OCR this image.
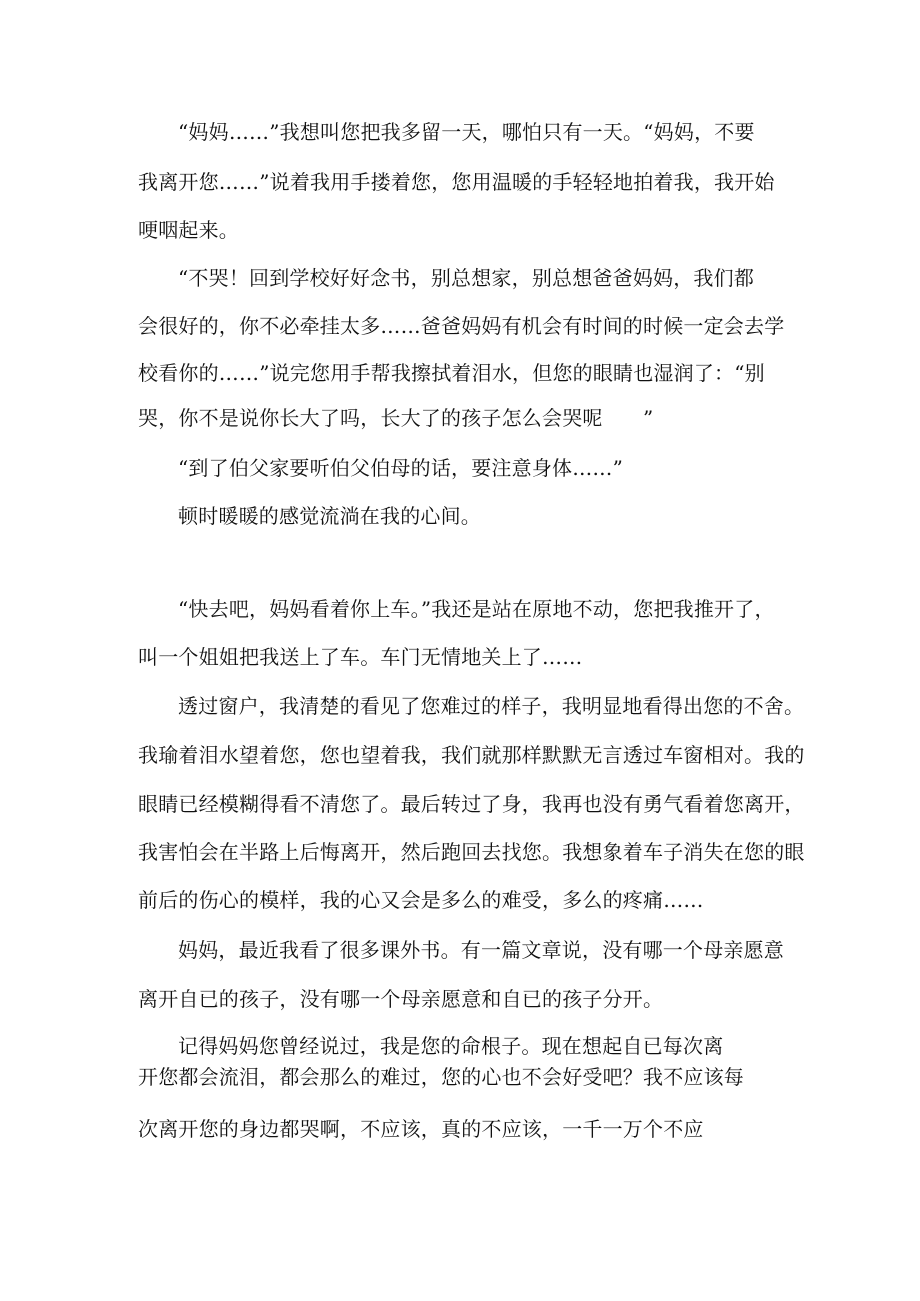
“妈妈……”我想叫您把我多留一天，哪怕只有一天。“妈妈，不要
我离开您……”说着我用手搂着您，您用温暖的手轻轻地拍着我，我开始
哽咽起来。
“不哭！回到学校好好念书，别总想家，别总想爸爸妈妈，我们都
会很好的，你不必牵挂太多……爸爸妈妈有机会有时间的时候一定会去学
校看你的……”说完您用手帮我擦拭着泪水，但您的眼睛也湿润了：“别
哭，你不是说你长大了吗，长大了的孩子怎么会哭呢　　”
“到了伯父家要听伯父伯母的话，要注意身体……”
顿时暖暖的感觉流淌在我的心间。
“快去吧，妈妈看着你上车。”我还是站在原地不动，您把我推开了，
叫一个姐姐把我送上了车。车门无情地关上了……
透过窗户，我清楚的看见了您难过的样子，我明显地看得出您的不舍。
我瑜着泪水望着您，您也望着我，我们就那样默默无言透过车窗相对。我的
眼睛已经模糊得看不清您了。最后转过了身，我再也没有勇气看着您离开，
我害怕会在半路上后悔离开，然后跑回去找您。我想象着车子消失在您的眼
前后的伤心的模样，我的心又会是多么的难受，多么的疼痛……
妈妈，最近我看了很多课外书。有一篇文章说，没有哪一个母亲愿意
离开自已的孩子，没有哪一个母亲愿意和自已的孩子分开。
记得妈妈您曾经说过，我是您的命根子。现在想起自已每次离
开您都会流泪，都会那么的难过，您的心也不会好受吧？我不应该每
次离开您的身边都哭啊，不应该，真的不应该，一千一万个不应
